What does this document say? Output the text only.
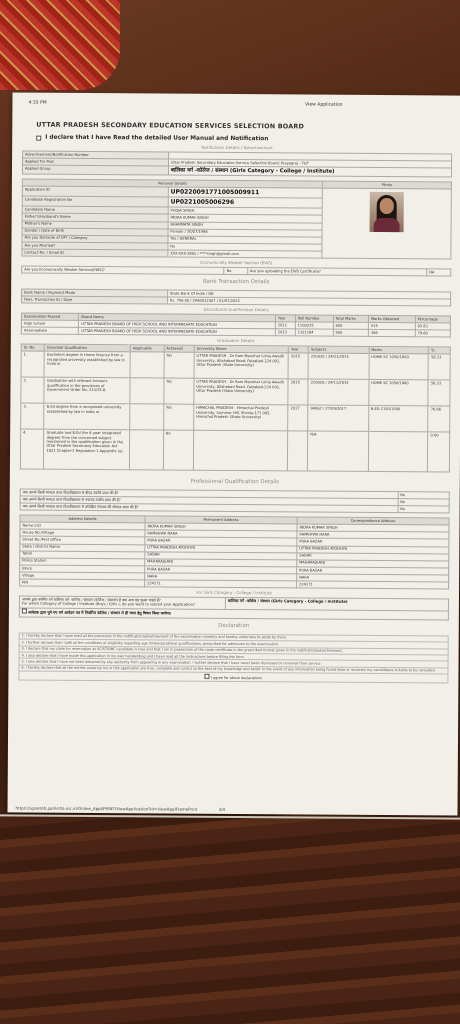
4:33 PM	View Application
UTTAR PRADESH SECONDARY EDUCATION SERVICES SELECTION BOARD
I declare that I have Read the detailed User Manual and Notification
Notification Details / Advertisement
Advertisement/Notification Number	
Applied For Post	Uttar Pradesh Secondary Education Service Selection Board, Prayagraj - TGT
Applied Group	बालिका वर्ग -कॉलेज / संस्थान (Girls Category - College / Institute)
Personal Details		Photo
Application ID	UP0220091771005009911	

Candidate Registration No	UP0221005006296	
Candidate Name	POOJA SINGH	
Father's/Husband's Name	INDRA KUMAR SINGH	
Mother's Name	BHANMATA SINGH	
Gender / Date of Birth	Female / 20/07/1996	
Are you Domicile of UP? / Category	Yes / GENERAL	
Are you Married?	No	
Contact No. / Email ID	XXX-XXX-3891 / ****singh@gmail.com	
Economically Weaker Section (EWS)
Are you Economically Weaker Section(EWS)?	No	Are you uploading the EWS Certificate?	NA
Bank Transaction Details
Bank Name / Payment Mode	State Bank Of India / DB
Fees, Transaction ID / Date	Rs. 750.00 / CPA0012407 / 01/07/2022
Educational Qualification Details
Examination Passed	Board Name	Year	Roll Number	Total Marks	Marks Obtained	Percentage
High School	UTTAR PRADESH BOARD OF HIGH SCHOOL AND INTERMEDIATE EDUCATION	2011	1100235	600	515	85.83
Intermediate	UTTAR PRADESH BOARD OF HIGH SCHOOL AND INTERMEDIATE EDUCATION	2013	1321184	500	398	79.60
Graduation Details
Sr. No.	Essential Qualification	Applicable	Achieved	University Name	Year	Subjects	Marks	%
1.	Bachelors degree in Home Science from a recognized university established by law in India or		Yes	UTTAR PRADESH - Dr Ram Manohar Lohia Awadh University, Allahabad Road, Faizabad-224 001, Uttar Pradesh (State University)	2015	220020 / 24/11/2015	HOME SC 1050/1800	58.33
2.	Graduation with relevant honours qualification in the provisions of Government Order No. 213/15-8-		Yes	UTTAR PRADESH - Dr Ram Manohar Lohia Awadh University, Allahabad Road, Faizabad-224 001, Uttar Pradesh (State University)	2015	220020 / 24/11/2015	HOME SC 1050/1800	58.33
3.	B.Ed degree from a recognized university established by law in India or		Yes	HIMACHAL PRADESH - Himachal Pradesh University, Summer Hill, Shimla-171 005, Himachal Pradesh (State University)	2017	94067 / 27/09/2017	B.ED 1150/1500	76.66
4.	Graduate and B.Ed (for 4-year integrated degree) from the concerned subject mentioned in the qualification given in the Uttar Pradesh Secondary Education Act 1921 Chapter-2 Regulation-1 Appendix (a)		No			N/A		0.00
Professional Qualification Details
क्या आपने किसी मान्यता प्राप्त विश्वविद्यालय से बीएड उपाधि प्राप्त की है?	No
क्या आपने किसी मान्यता प्राप्त विश्वविद्यालय से स्नातक उपाधि प्राप्त की है?	No
क्या आपने किसी मान्यता प्राप्त विश्वविद्यालय से प्रशिक्षित स्नातक की योग्यता प्राप्त की है?	No
Address Details	Permanent Address	Correspondence Address
Name C/O	INDRA KUMAR SINGH	INDRA KUMAR SINGH
House No./Village	RAMBHWA NARA	RAMBHWA NARA
Street No./Post Office	PURA BAZAR	PURA BAZAR
State / District Name	UTTAR PRADESH AYODHYA	UTTAR PRADESH AYODHYA
Tehsil	SADAR	SADAR
Police Station	MAHARAJGANJ	MAHARAJGANJ
Block	PURA BAZAR	PURA BAZAR
Village	NARA	NARA
PIN	224171	224171
For Girls Category - College / Institute
आपके द्वारा चयनित वर्ग बालिका वर्ग -कॉलेज / संस्थान (कॉलेज / संस्थान) है क्या आप यह चुनना चाहते हैं?
For which Category of College / Institute (Boys / Girls ), do you want to submit your Application?
	बालिका वर्ग -कॉलेज / संस्थान (Girls Category - College / Institute)
आवेदक द्वारा चुने गए वर्ग आवेदन पत्र में निर्धारित कॉलेज / संस्थान में ही चयन हेतु विचार किया जायेगा।
Declaration
1. I hereby declare that I have read all the provisions in the notification/advertisement of the examination carefully and hereby undertake to abide by them.
2. I further declare that I fulfil all the conditions of eligibility regarding age limit/educational qualifications, prescribed for admission to the examination.
3. I declare that my claim for reservation as SC/ST/OBC candidate is true and that I am in possession of the caste certificate in the prescribed format given in the notification/advertisement.
4. I also declare that I have made this application in my own handwriting and I have read all the instructions before filling the form.
5. I also declare that I have not been debarred by any authority from appearing in any examination. I further declare that I have never been dismissed or removed from service.
6. I hereby declare that all the entries made by me in this application are true, complete and correct to the best of my knowledge and belief. In the event of any information being found false or incorrect my candidature is liable to be cancelled.
I agree for above declarations
https://upsessb.pariksha.nic.in/Online_Appl/PRINT/ViewApplication?id=ViewApplFramePrint	3/4
